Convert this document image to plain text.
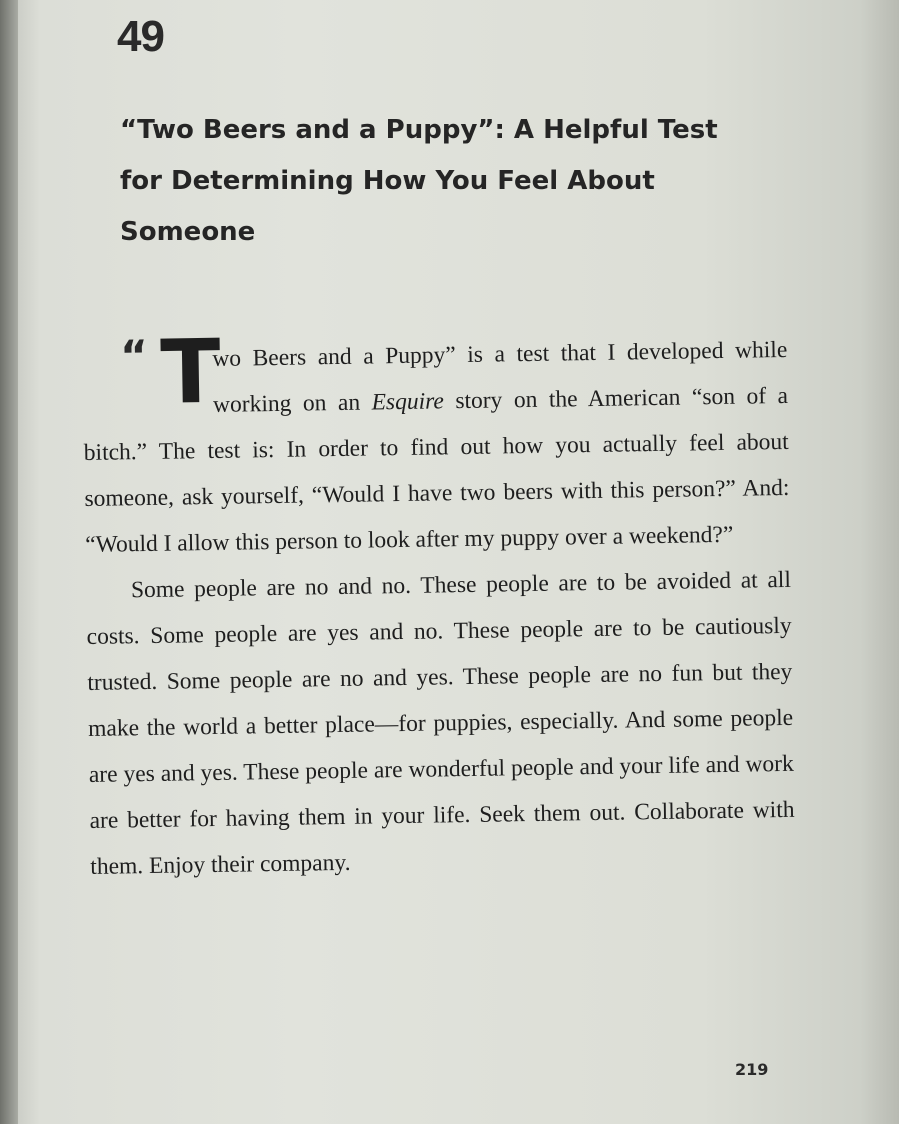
49
“Two Beers and a Puppy”: A Helpful Test
for Determining How You Feel About
Someone
“ T

wo Beers and a Puppy” is a test that I developed while working on an Esquire story on the American “son of a bitch.” The test is: In order to find out how you actually feel about someone, ask yourself, “Would I have two beers with this person?” And: “Would I allow this person to look after my puppy over a weekend?”

Some people are no and no. These people are to be avoided at all costs. Some people are yes and no. These people are to be cautiously trusted. Some people are no and yes. These people are no fun but they make the world a better place—for puppies, especially. And some people are yes and yes. These people are wonderful people and your life and work are better for having them in your life. Seek them out. Collaborate with them. Enjoy their company.

219
